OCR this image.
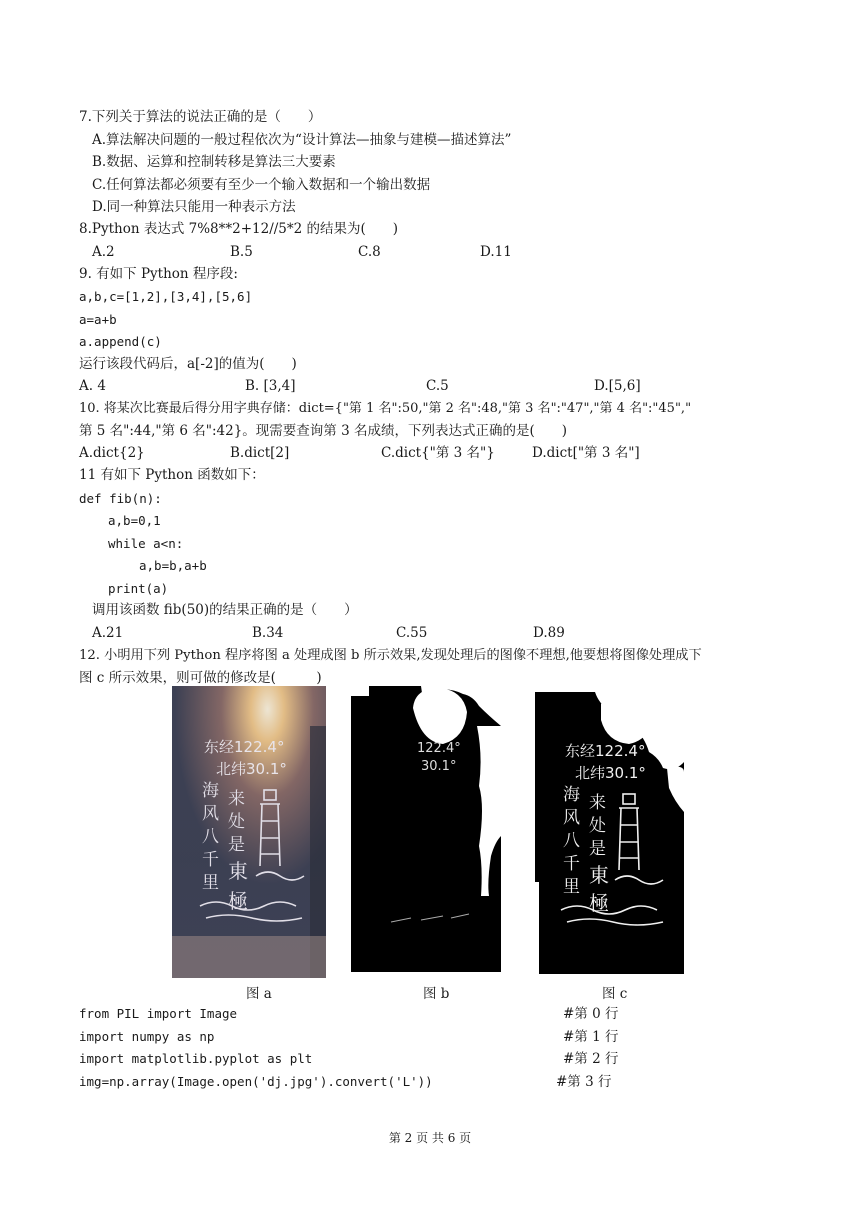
7.下列关于算法的说法正确的是（　　）
A.算法解决问题的一般过程依次为“设计算法—抽象与建模—描述算法”
B.数据、运算和控制转移是算法三大要素
C.任何算法都必须要有至少一个输入数据和一个输出数据
D.同一种算法只能用一种表示方法
8.Python 表达式 7%8**2+12//5*2 的结果为(　　)
A.2	B.5	C.8	D.11
9. 有如下 Python 程序段:
a,b,c=[1,2],[3,4],[5,6]
a=a+b
a.append(c)
运行该段代码后，a[-2]的值为(　　)
A. 4	B. [3,4]	C.5	D.[5,6]
10. 将某次比赛最后得分用字典存储：dict={"第 1 名":50,"第 2 名":48,"第 3 名":"47","第 4 名":"45","
第 5 名":44,"第 6 名":42}。现需要查询第 3 名成绩，下列表达式正确的是(　　)
A.dict{2}	B.dict[2]	C.dict{"第 3 名"}	D.dict["第 3 名"]
11 有如下 Python 函数如下：
def fib(n):
a,b=0,1
while a<n:
a,b=b,a+b
print(a)
调用该函数 fib(50)的结果正确的是（　　）
A.21	B.34	C.55	D.89
12. 小明用下列 Python 程序将图 a 处理成图 b 所示效果,发现处理后的图像不理想,他要想将图像处理成下
图 c 所示效果，则可做的修改是(　　　)
东经122.4°
北纬30.1°
海
风
八
千
里
来
处
是
東
極
122.4°
30.1°
东经122.4°
北纬30.1°
海
风
八
千
里
来
处
是
東
極
图 a	图 b	图 c
from PIL import Image	#第 0 行
import numpy as np	#第 1 行
import matplotlib.pyplot as plt	#第 2 行
img=np.array(Image.open('dj.jpg').convert('L'))	#第 3 行
第 2 页 共 6 页
